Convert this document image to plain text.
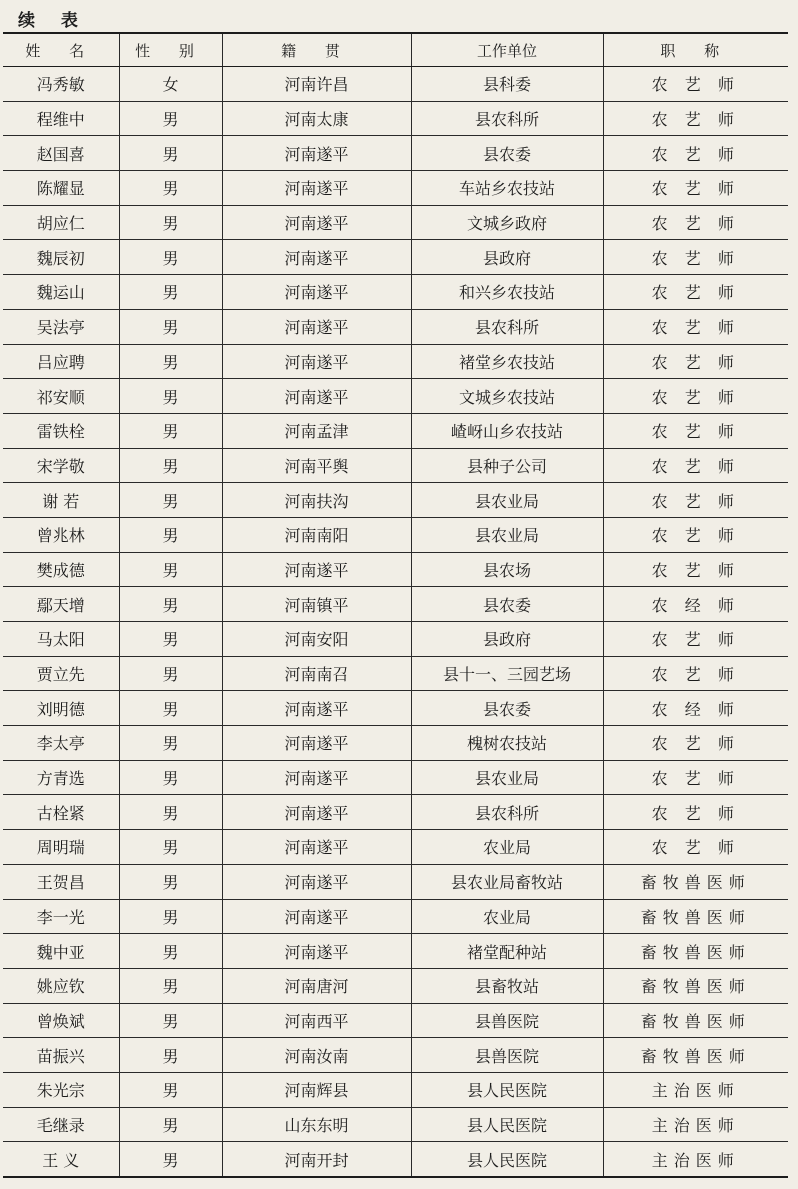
续 表
姓 名	性 别	籍 贯	工作单位	职 称
冯秀敏	女	河南许昌	县科委	农 艺 师
程维中	男	河南太康	县农科所	农 艺 师
赵国喜	男	河南遂平	县农委	农 艺 师
陈耀显	男	河南遂平	车站乡农技站	农 艺 师
胡应仁	男	河南遂平	文城乡政府	农 艺 师
魏辰初	男	河南遂平	县政府	农 艺 师
魏运山	男	河南遂平	和兴乡农技站	农 艺 师
吴法亭	男	河南遂平	县农科所	农 艺 师
吕应聘	男	河南遂平	褚堂乡农技站	农 艺 师
祁安顺	男	河南遂平	文城乡农技站	农 艺 师
雷铁栓	男	河南孟津	嵖岈山乡农技站	农 艺 师
宋学敬	男	河南平舆	县种子公司	农 艺 师
谢 若	男	河南扶沟	县农业局	农 艺 师
曾兆林	男	河南南阳	县农业局	农 艺 师
樊成德	男	河南遂平	县农场	农 艺 师
鄢天增	男	河南镇平	县农委	农 经 师
马太阳	男	河南安阳	县政府	农 艺 师
贾立先	男	河南南召	县十一、三园艺场	农 艺 师
刘明德	男	河南遂平	县农委	农 经 师
李太亭	男	河南遂平	槐树农技站	农 艺 师
方青选	男	河南遂平	县农业局	农 艺 师
古栓紧	男	河南遂平	县农科所	农 艺 师
周明瑞	男	河南遂平	农业局	农 艺 师
王贺昌	男	河南遂平	县农业局畜牧站	畜牧兽医师
李一光	男	河南遂平	农业局	畜牧兽医师
魏中亚	男	河南遂平	褚堂配种站	畜牧兽医师
姚应钦	男	河南唐河	县畜牧站	畜牧兽医师
曾焕斌	男	河南西平	县兽医院	畜牧兽医师
苗振兴	男	河南汝南	县兽医院	畜牧兽医师
朱光宗	男	河南辉县	县人民医院	主治医师
毛继录	男	山东东明	县人民医院	主治医师
王 义	男	河南开封	县人民医院	主治医师
